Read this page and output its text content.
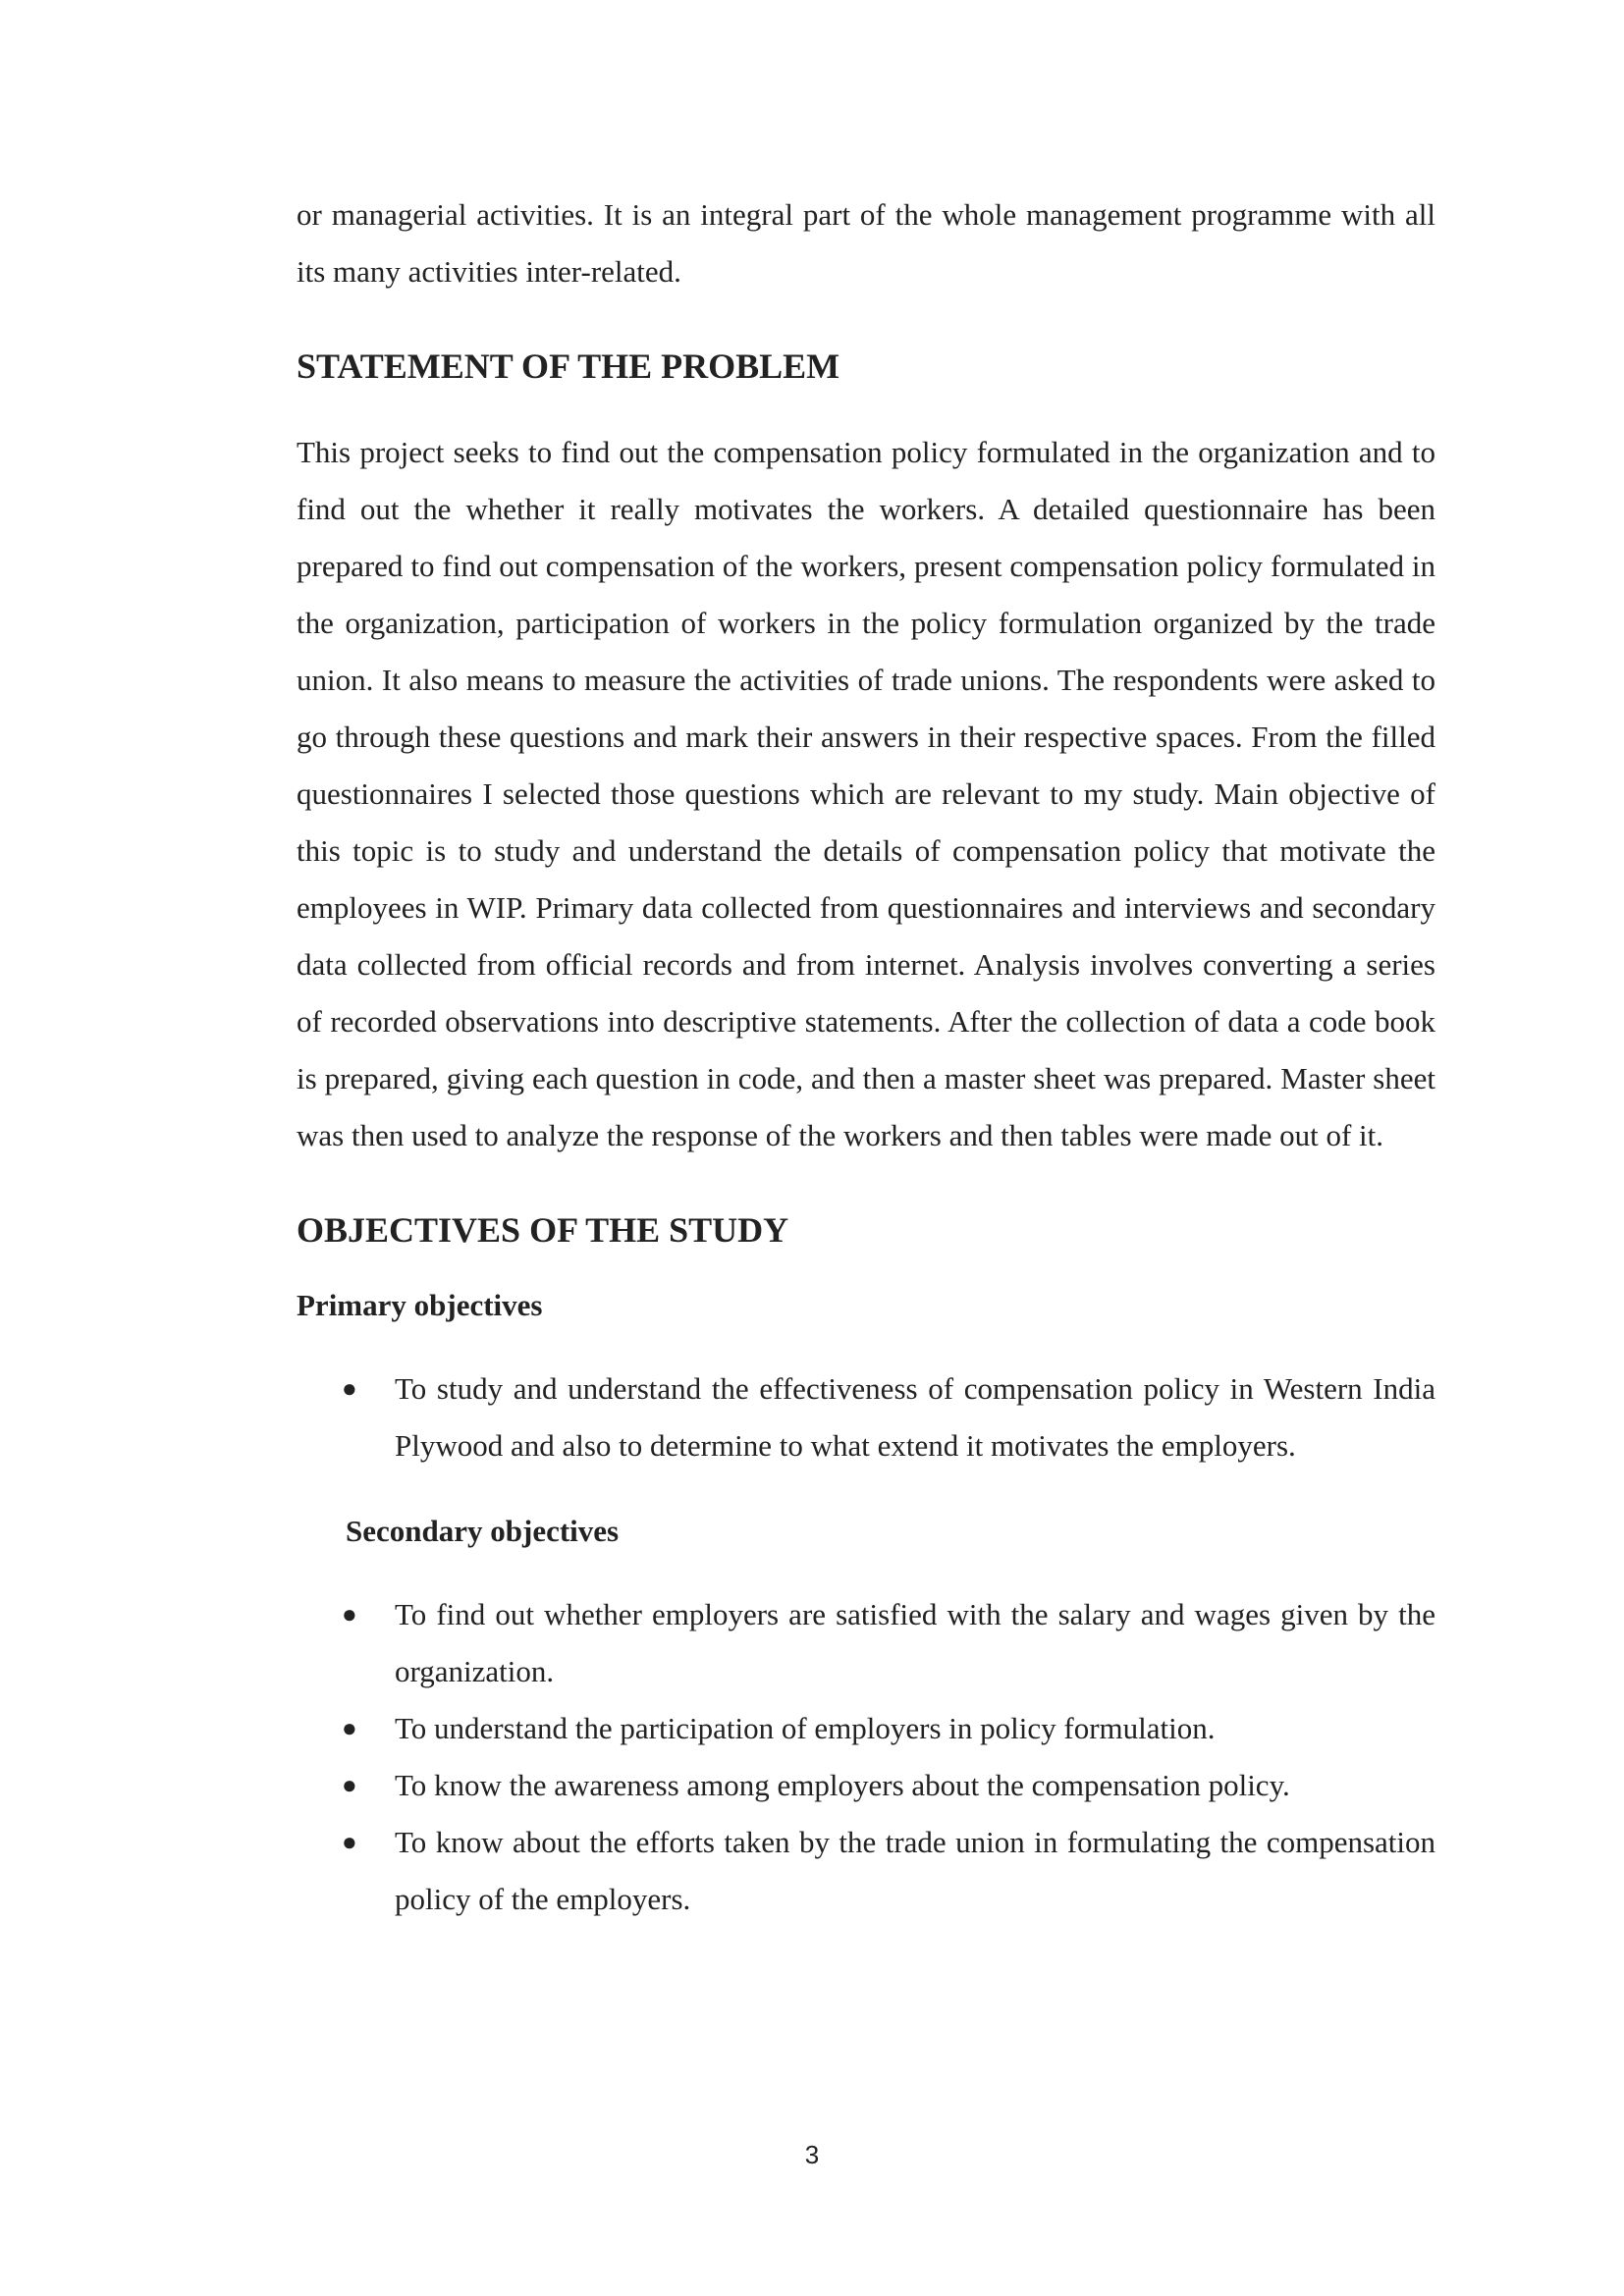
or managerial activities. It is an integral part of the whole management programme with all its many activities inter-related.

STATEMENT OF THE PROBLEM

This project seeks to find out the compensation policy formulated in the organization and to find out the whether it really motivates the workers. A detailed questionnaire has been prepared to find out compensation of the workers, present compensation policy formulated in the organization, participation of workers in the policy formulation organized by the trade union. It also means to measure the activities of trade unions. The respondents were asked to go through these questions and mark their answers in their respective spaces. From the filled questionnaires I selected those questions which are relevant to my study. Main objective of this topic is to study and understand the details of compensation policy that motivate the employees in WIP. Primary data collected from questionnaires and interviews and secondary data collected from official records and from internet. Analysis involves converting a series of recorded observations into descriptive statements. After the collection of data a code book is prepared, giving each question in code, and then a master sheet was prepared. Master sheet was then used to analyze the response of the workers and then tables were made out of it.

OBJECTIVES OF THE STUDY
Primary objectives
● To study and understand the effectiveness of compensation policy in Western India Plywood and also to determine to what extend it motivates the employers.
Secondary objectives
● To find out whether employers are satisfied with the salary and wages given by the organization.
● To understand the participation of employers in policy formulation.
● To know the awareness among employers about the compensation policy.
● To know about the efforts taken by the trade union in formulating the compensation policy of the employers.
3
